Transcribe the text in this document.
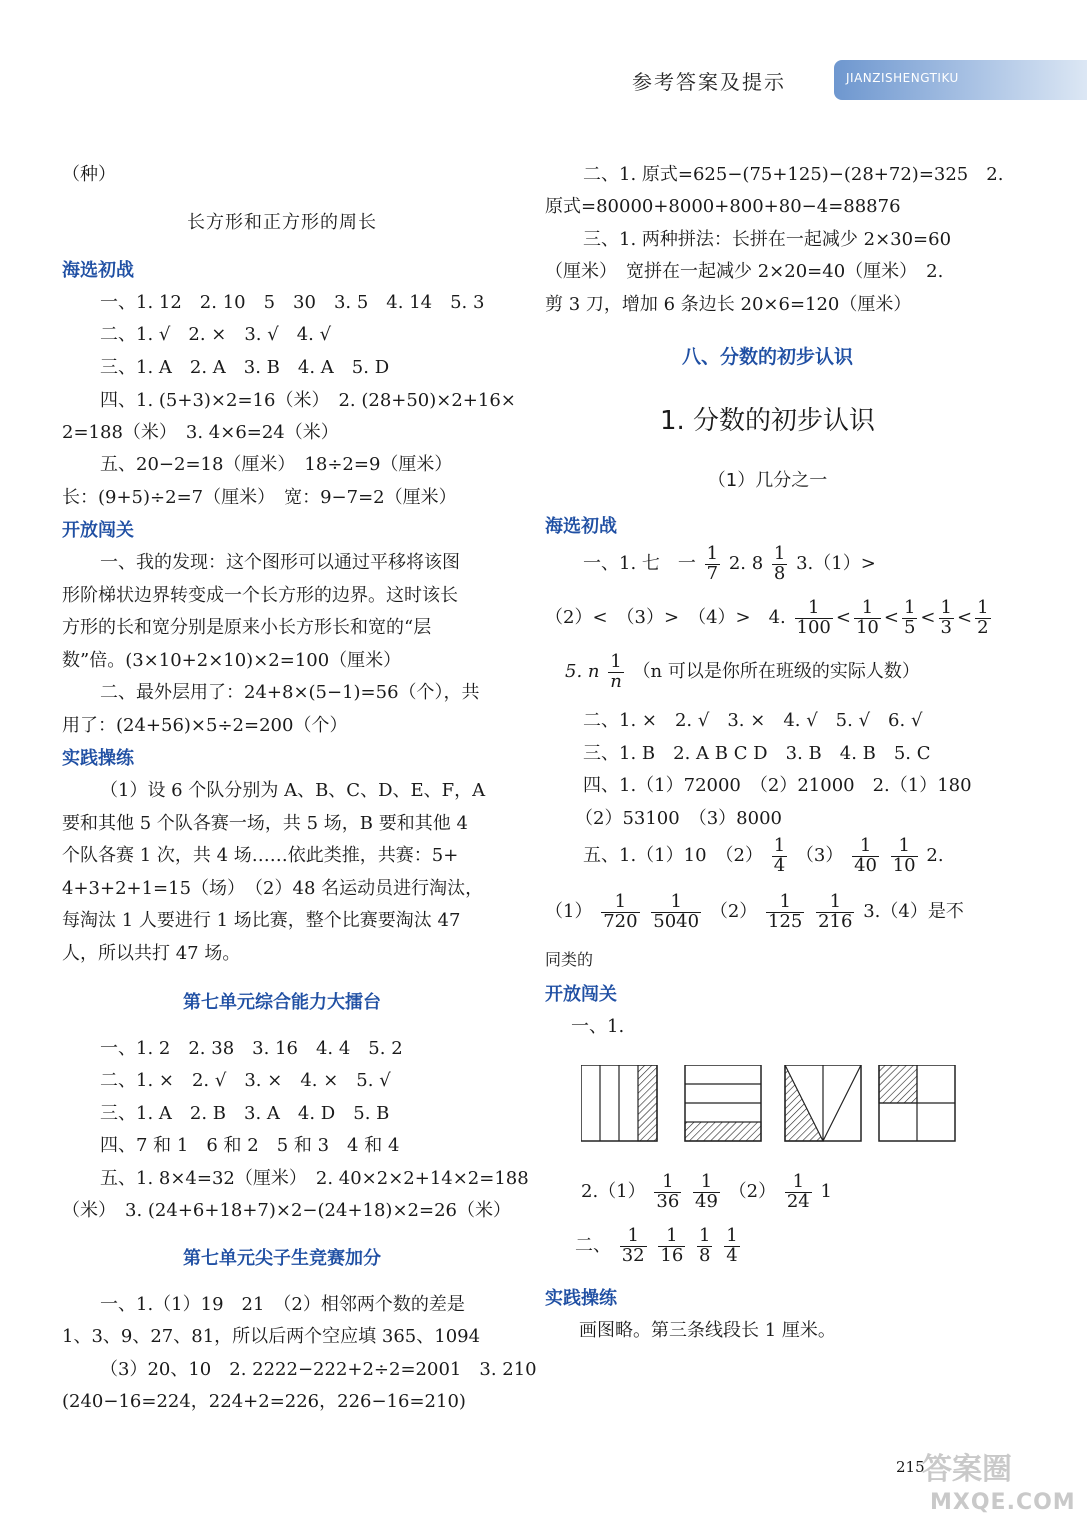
参考答案及提示	JIANZISHENGTIKU
（种）
长方形和正方形的周长
海选初战
一、1. 12　2. 10　5　30　3. 5　4. 14　5. 3
二、1. √　2. ×　3. √　4. √
三、1. A　2. A　3. B　4. A　5. D
四、1. (5+3)×2=16（米）　2. (28+50)×2+16×
2=188（米）　3. 4×6=24（米）
五、20−2=18（厘米）　18÷2=9（厘米）
长：(9+5)÷2=7（厘米）　宽：9−7=2（厘米）
开放闯关
一、我的发现：这个图形可以通过平移将该图
形阶梯状边界转变成一个长方形的边界。这时该长
方形的长和宽分别是原来小长方形长和宽的“层
数”倍。(3×10+2×10)×2=100（厘米）
二、最外层用了：24+8×(5−1)=56（个），共
用了：(24+56)×5÷2=200（个）
实践操练
（1）设 6 个队分别为 A、B、C、D、E、F，A
要和其他 5 个队各赛一场，共 5 场，B 要和其他 4
个队各赛 1 次，共 4 场……依此类推，共赛：5+
4+3+2+1=15（场）　（2）48 名运动员进行淘汰，
每淘汰 1 人要进行 1 场比赛，整个比赛要淘汰 47
人，所以共打 47 场。
第七单元综合能力大擂台
一、1. 2　2. 38　3. 16　4. 4　5. 2
二、1. ×　2. √　3. ×　4. ×　5. √
三、1. A　2. B　3. A　4. D　5. B
四、7 和 1　6 和 2　5 和 3　4 和 4
五、1. 8×4=32（厘米）　2. 40×2×2+14×2=188
（米）　3. (24+6+18+7)×2−(24+18)×2=26（米）
第七单元尖子生竞赛加分
一、1.（1）19　21　（2）相邻两个数的差是
1、3、9、27、81，所以后两个空应填 365、1094
（3）20、10　2. 2222−222+2÷2=2001　3. 210
(240−16=224，224+2=226，226−16=210)
二、1. 原式=625−(75+125)−(28+72)=325　2.
原式=80000+8000+800+80−4=88876
三、1. 两种拼法：长拼在一起减少 2×30=60
（厘米）　宽拼在一起减少 2×20=40（厘米）　2.
剪 3 刀，增加 6 条边长 20×6=120（厘米）
八、分数的初步认识
1. 分数的初步认识
（1）几分之一
海选初战
一、1. 七　一 $\frac{1}{7} 2$. $8 \frac{1}{8} 3.(1)>$
（2）<　（3）>　（4）>　4. $\frac{1}{100} < \frac{1}{10} < \frac{1}{5} < \frac{1}{3} < \frac{1}{2}$
5. n $\frac{1}{n} (n$ 可以是你所在班级的实际人数）
二、1. ×　2. √　3. ×　4. √　5. √　6. √
三、1. B　2. A B C D　3. B　4. B　5. C
四、1.（1）72000　（2）21000　2.（1）180
（2）53100　（3）8000
五、1.（1）10　$(2) \frac{1}{4} (3) \frac{1}{40}$
$\frac{1}{10} 2$.
$(1) \frac{1}{720}$
$\frac{1}{5040} (2) \frac{1}{125}$
$\frac{1}{216} 3.(4)$是不
同类的
开放闯关
一、1.
$2.(1) \frac{1}{36}$
$\frac{1}{49} (2) \frac{1}{24} 1$
二、 $\frac{1}{32}$
$\frac{1}{16}$
$\frac{1}{8}$
$\frac{1}{4}$
实践操练
画图略。第三条线段长 1 厘米。
215
答案圈
MXQE.COM
